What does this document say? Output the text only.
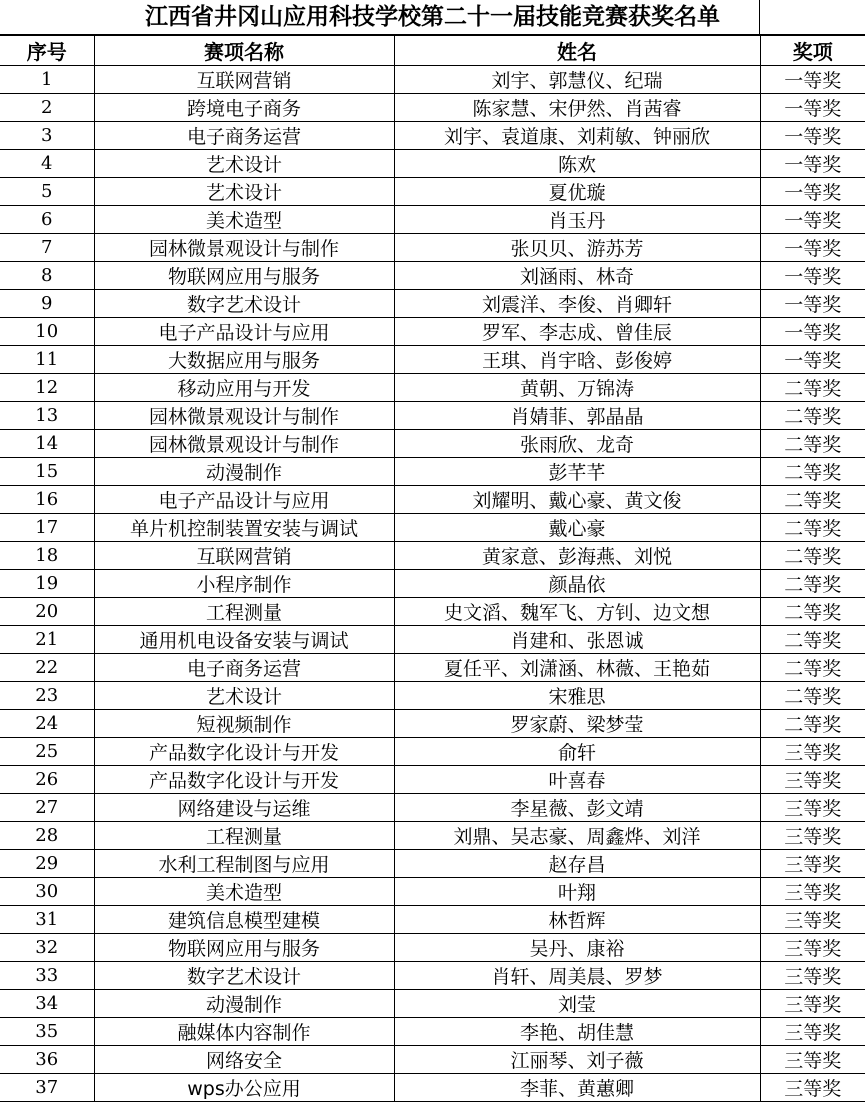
江西省井冈山应用科技学校第二十一届技能竞赛获奖名单
序号	赛项名称	姓名	奖项
1	互联网营销	刘宇、郭慧仪、纪瑞	一等奖
2	跨境电子商务	陈家慧、宋伊然、肖茜睿	一等奖
3	电子商务运营	刘宇、袁道康、刘莉敏、钟丽欣	一等奖
4	艺术设计	陈欢	一等奖
5	艺术设计	夏优璇	一等奖
6	美术造型	肖玉丹	一等奖
7	园林微景观设计与制作	张贝贝、游苏芳	一等奖
8	物联网应用与服务	刘涵雨、林奇	一等奖
9	数字艺术设计	刘震洋、李俊、肖卿轩	一等奖
10	电子产品设计与应用	罗军、李志成、曾佳辰	一等奖
11	大数据应用与服务	王琪、肖宇晗、彭俊婷	一等奖
12	移动应用与开发	黄朝、万锦涛	二等奖
13	园林微景观设计与制作	肖婧菲、郭晶晶	二等奖
14	园林微景观设计与制作	张雨欣、龙奇	二等奖
15	动漫制作	彭芊芊	二等奖
16	电子产品设计与应用	刘耀明、戴心豪、黄文俊	二等奖
17	单片机控制装置安装与调试	戴心豪	二等奖
18	互联网营销	黄家意、彭海燕、刘悦	二等奖
19	小程序制作	颜晶依	二等奖
20	工程测量	史文滔、魏军飞、方钊、边文想	二等奖
21	通用机电设备安装与调试	肖建和、张恩诚	二等奖
22	电子商务运营	夏任平、刘潇涵、林薇、王艳茹	二等奖
23	艺术设计	宋雅思	二等奖
24	短视频制作	罗家蔚、梁梦莹	二等奖
25	产品数字化设计与开发	俞轩	三等奖
26	产品数字化设计与开发	叶喜春	三等奖
27	网络建设与运维	李星薇、彭文靖	三等奖
28	工程测量	刘鼎、吴志豪、周鑫烨、刘洋	三等奖
29	水利工程制图与应用	赵存昌	三等奖
30	美术造型	叶翔	三等奖
31	建筑信息模型建模	林哲辉	三等奖
32	物联网应用与服务	吴丹、康裕	三等奖
33	数字艺术设计	肖轩、周美晨、罗梦	三等奖
34	动漫制作	刘莹	三等奖
35	融媒体内容制作	李艳、胡佳慧	三等奖
36	网络安全	江丽琴、刘子薇	三等奖
37	wps办公应用	李菲、黄蕙卿	三等奖
